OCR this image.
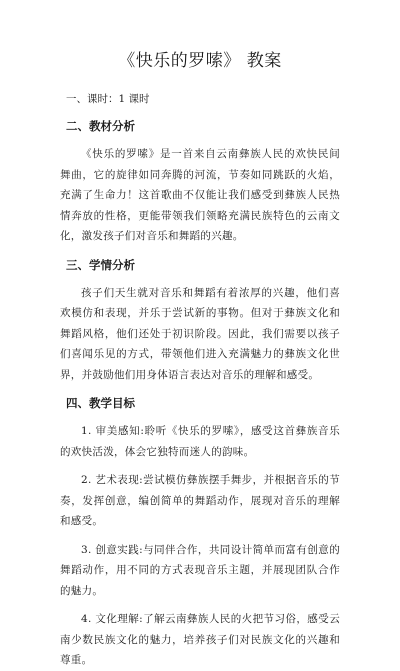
《快乐的罗嗦》 教案
一、课时：1 课时
二、教材分析

《快乐的罗嗦》是一首来自云南彝族人民的欢快民间舞曲，它的旋律如同奔腾的河流，节奏如同跳跃的火焰，充满了生命力！这首歌曲不仅能让我们感受到彝族人民热情奔放的性格，更能带领我们领略充满民族特色的云南文化，激发孩子们对音乐和舞蹈的兴趣。

三、学情分析

孩子们天生就对音乐和舞蹈有着浓厚的兴趣，他们喜欢模仿和表现，并乐于尝试新的事物。但对于彝族文化和舞蹈风格，他们还处于初识阶段。因此，我们需要以孩子们喜闻乐见的方式，带领他们进入充满魅力的彝族文化世界，并鼓励他们用身体语言表达对音乐的理解和感受。

四、教学目标

1. 审美感知:聆听《快乐的罗嗦》，感受这首彝族音乐的欢快活泼，体会它独特而迷人的韵味。

2. 艺术表现:尝试模仿彝族摆手舞步，并根据音乐的节奏，发挥创意，编创简单的舞蹈动作，展现对音乐的理解和感受。

3. 创意实践:与同伴合作，共同设计简单而富有创意的舞蹈动作，用不同的方式表现音乐主题，并展现团队合作的魅力。

4. 文化理解:了解云南彝族人民的火把节习俗，感受云南少数民族文化的魅力，培养孩子们对民族文化的兴趣和尊重。
